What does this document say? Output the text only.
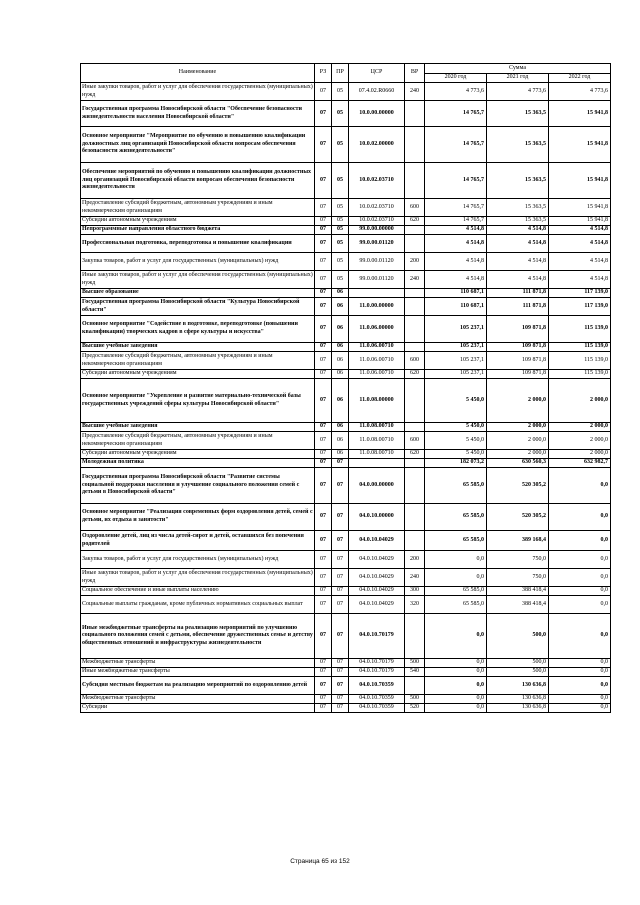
Наименование	РЗ	ПР	ЦСР	ВР	Сумма		
					2020 год	2021 год	2022 год
Иные закупки товаров, работ и услуг для обеспечения государственных (муниципальных) нужд	07	05	07.4.02.R0660	240	4 773,6	4 773,6	4 773,6
Государственная программа Новосибирской области "Обеспечение безопасности жизнедеятельности населения Новосибирской области"	07	05	10.0.00.00000		14 765,7	15 363,5	15 941,8
Основное мероприятие "Мероприятие по обучению и повышению квалификации должностных лиц организаций Новосибирской области вопросам обеспечения безопасности жизнедеятельности"	07	05	10.0.02.00000		14 765,7	15 363,5	15 941,8
Обеспечение мероприятий по обучению и повышению квалификации должностных лиц организаций Новосибирской области вопросам обеспечения безопасности жизнедеятельности	07	05	10.0.02.03710		14 765,7	15 363,5	15 941,8
Предоставление субсидий бюджетным, автономным учреждениям и иным некоммерческим организациям	07	05	10.0.02.03710	600	14 765,7	15 363,5	15 941,8
Субсидии автономным учреждениям	07	05	10.0.02.03710	620	14 765,7	15 363,5	15 941,8
Непрограммные направления областного бюджета	07	05	99.0.00.00000		4 514,8	4 514,8	4 514,8
Профессиональная подготовка, переподготовка и повышение квалификации	07	05	99.0.00.01120		4 514,8	4 514,8	4 514,8
Закупка товаров, работ и услуг для государственных (муниципальных) нужд	07	05	99.0.00.01120	200	4 514,8	4 514,8	4 514,8
Иные закупки товаров, работ и услуг для обеспечения государственных (муниципальных) нужд	07	05	99.0.00.01120	240	4 514,8	4 514,8	4 514,8
Высшее образование	07	06			110 687,1	111 871,8	117 139,0
Государственная программа Новосибирской области "Культура Новосибирской области"	07	06	11.0.00.00000		110 687,1	111 871,8	117 139,0
Основное мероприятие "Содействие в подготовке, переподготовке (повышении квалификации) творческих кадров в сфере культуры и искусства"	07	06	11.0.06.00000		105 237,1	109 871,8	115 139,0
Высшие учебные заведения	07	06	11.0.06.00710		105 237,1	109 871,8	115 139,0
Предоставление субсидий бюджетным, автономным учреждениям и иным некоммерческим организациям	07	06	11.0.06.00710	600	105 237,1	109 871,8	115 139,0
Субсидии автономным учреждениям	07	06	11.0.06.00710	620	105 237,1	109 871,8	115 139,0
Основное мероприятие "Укрепление и развитие материально-технической базы государственных учреждений сферы культуры Новосибирской области"	07	06	11.0.08.00000		5 450,0	2 000,0	2 000,0
Высшие учебные заведения	07	06	11.0.08.00710		5 450,0	2 000,0	2 000,0
Предоставление субсидий бюджетным, автономным учреждениям и иным некоммерческим организациям	07	06	11.0.08.00710	600	5 450,0	2 000,0	2 000,0
Субсидии автономным учреждениям	07	06	11.0.08.00710	620	5 450,0	2 000,0	2 000,0
Молодежная политика	07	07			182 073,2	630 560,3	632 982,7
Государственная программа Новосибирской области "Развитие системы социальной поддержки населения и улучшение социального положения семей с детьми в Новосибирской области"	07	07	04.0.00.00000		65 585,0	520 305,2	0,0
Основное мероприятие "Реализация современных форм оздоровления детей, семей с детьми, их отдыха и занятости"	07	07	04.0.10.00000		65 585,0	520 305,2	0,0
Оздоровление детей, лиц из числа детей-сирот и детей, оставшихся без попечения родителей	07	07	04.0.10.04029		65 585,0	389 168,4	0,0
Закупка товаров, работ и услуг для государственных (муниципальных) нужд	07	07	04.0.10.04029	200	0,0	750,0	0,0
Иные закупки товаров, работ и услуг для обеспечения государственных (муниципальных) нужд	07	07	04.0.10.04029	240	0,0	750,0	0,0
Социальное обеспечение и иные выплаты населению	07	07	04.0.10.04029	300	65 585,0	388 418,4	0,0
Социальные выплаты гражданам, кроме публичных нормативных социальных выплат	07	07	04.0.10.04029	320	65 585,0	388 418,4	0,0
Иные межбюджетные трансферты на реализацию мероприятий по улучшению социального положения семей с детьми, обеспечение дружественных семье и детству общественных отношений и инфраструктуры жизнедеятельности	07	07	04.0.10.70179		0,0	500,0	0,0
Межбюджетные трансферты	07	07	04.0.10.70179	500	0,0	500,0	0,0
Иные межбюджетные трансферты	07	07	04.0.10.70179	540	0,0	500,0	0,0
Субсидия местным бюджетам на реализацию мероприятий по оздоровлению детей	07	07	04.0.10.70359		0,0	130 636,8	0,0
Межбюджетные трансферты	07	07	04.0.10.70359	500	0,0	130 636,8	0,0
Субсидии	07	07	04.0.10.70359	520	0,0	130 636,8	0,0
Страница 65 из 152
